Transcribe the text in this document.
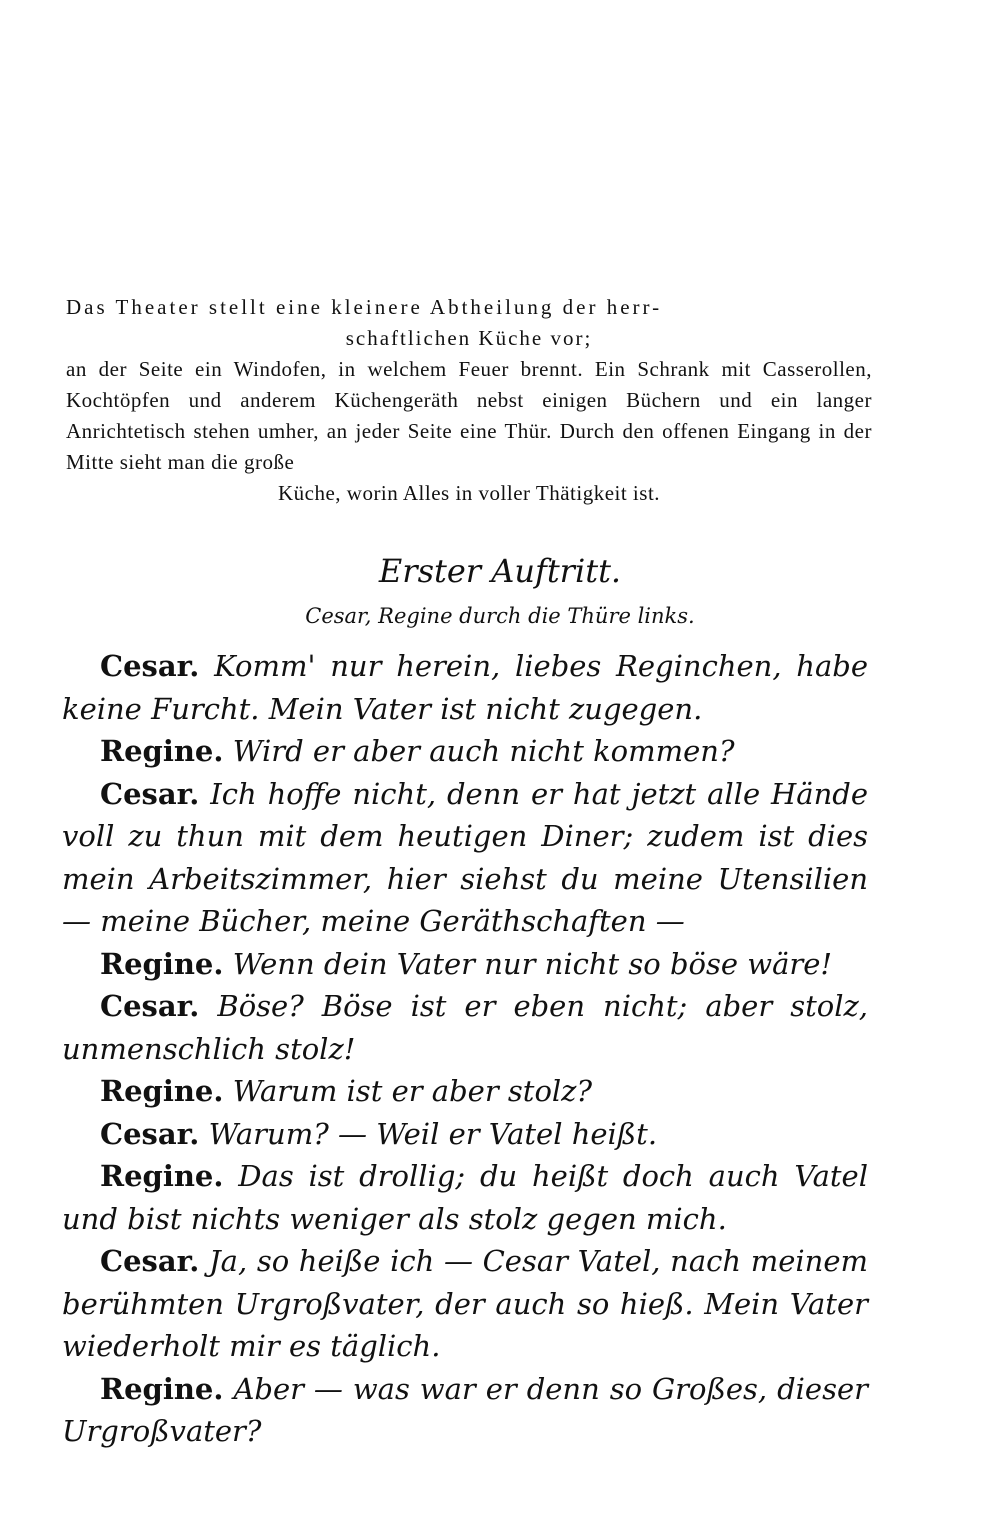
Das Theater stellt eine kleinere Abtheilung der herr-

schaftlichen Küche vor;

an der Seite ein Windofen, in welchem Feuer brennt. Ein Schrank mit Casserollen, Kochtöpfen und anderem Küchengeräth nebst einigen Büchern und ein langer Anrichtetisch stehen umher, an jeder Seite eine Thür. Durch den offenen Eingang in der Mitte sieht man die große

Küche, worin Alles in voller Thätigkeit ist.

Erster Auftritt.
Cesar, Regine durch die Thüre links.

Cesar. Komm' nur herein, liebes Reginchen, habe keine Furcht. Mein Vater ist nicht zugegen.

Regine. Wird er aber auch nicht kommen?

Cesar. Ich hoffe nicht, denn er hat jetzt alle Hände voll zu thun mit dem heutigen Diner; zudem ist dies mein Arbeitszimmer, hier siehst du meine Utensilien — meine Bücher, meine Geräthschaften —

Regine. Wenn dein Vater nur nicht so böse wäre!

Cesar. Böse? Böse ist er eben nicht; aber stolz, unmenschlich stolz!

Regine. Warum ist er aber stolz?

Cesar. Warum? — Weil er Vatel heißt.

Regine. Das ist drollig; du heißt doch auch Vatel und bist nichts weniger als stolz gegen mich.

Cesar. Ja, so heiße ich — Cesar Vatel, nach meinem berühmten Urgroßvater, der auch so hieß. Mein Vater wiederholt mir es täglich.

Regine. Aber — was war er denn so Großes, dieser Urgroßvater?
